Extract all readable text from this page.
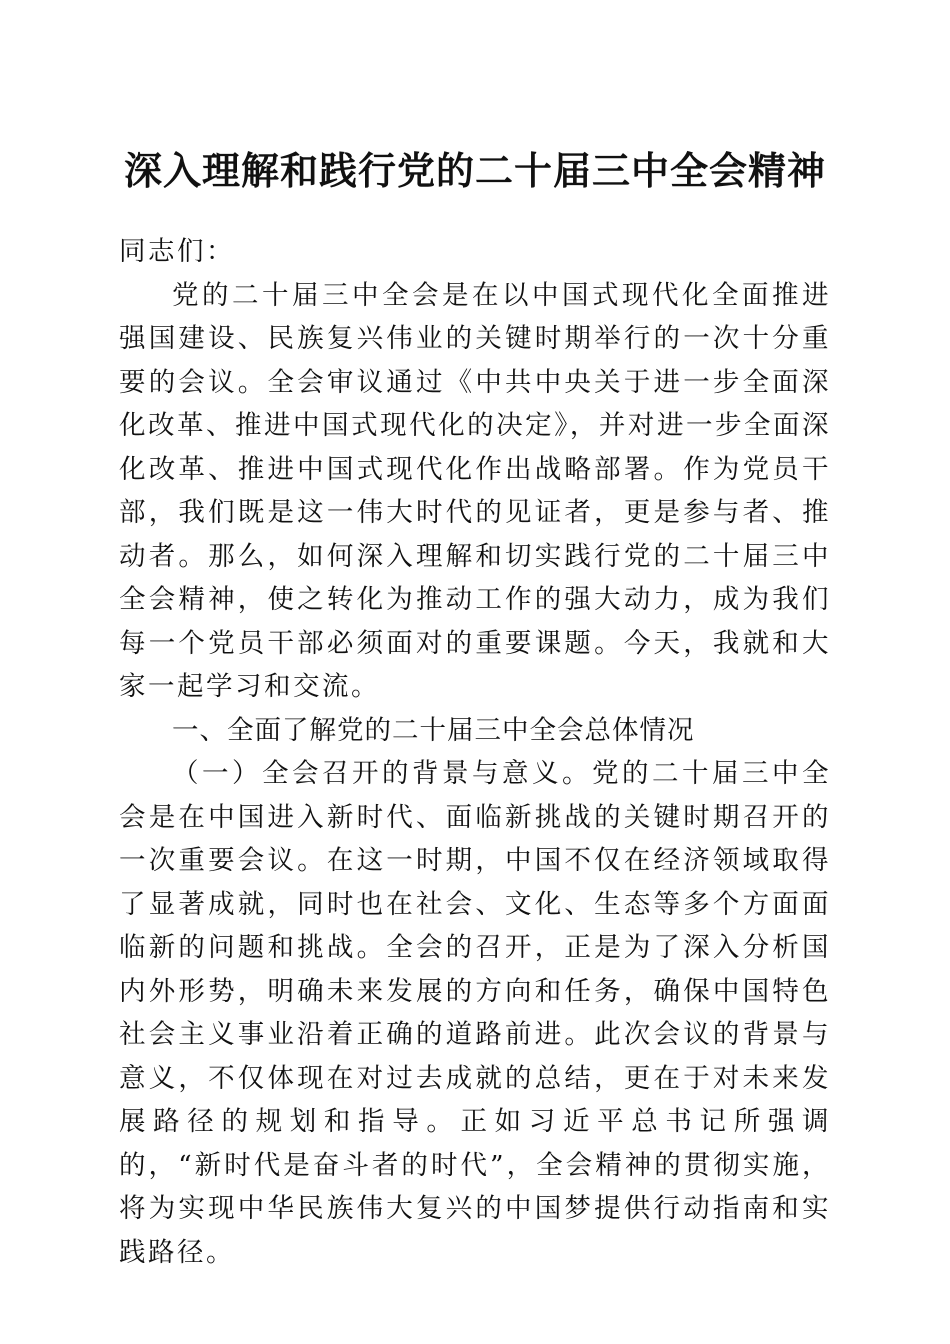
深入理解和践行党的二十届三中全会精神

同志们：

党的二十届三中全会是在以中国式现代化全面推进强国建设、民族复兴伟业的关键时期举行的一次十分重要的会议。全会审议通过《中共中央关于进一步全面深化改革、推进中国式现代化的决定》，并对进一步全面深化改革、推进中国式现代化作出战略部署。作为党员干部，我们既是这一伟大时代的见证者，更是参与者、推动者。那么，如何深入理解和切实践行党的二十届三中全会精神，使之转化为推动工作的强大动力，成为我们每一个党员干部必须面对的重要课题。今天，我就和大家一起学习和交流。

一、全面了解党的二十届三中全会总体情况

（一）全会召开的背景与意义。党的二十届三中全会是在中国进入新时代、面临新挑战的关键时期召开的一次重要会议。在这一时期，中国不仅在经济领域取得了显著成就，同时也在社会、文化、生态等多个方面面临新的问题和挑战。全会的召开，正是为了深入分析国内外形势，明确未来发展的方向和任务，确保中国特色社会主义事业沿着正确的道路前进。此次会议的背景与意义，不仅体现在对过去成就的总结，更在于对未来发展路径的规划和指导。正如习近平总书记所强调的，“新时代是奋斗者的时代”，全会精神的贯彻实施，将为实现中华民族伟大复兴的中国梦提供行动指南和实践路径。
